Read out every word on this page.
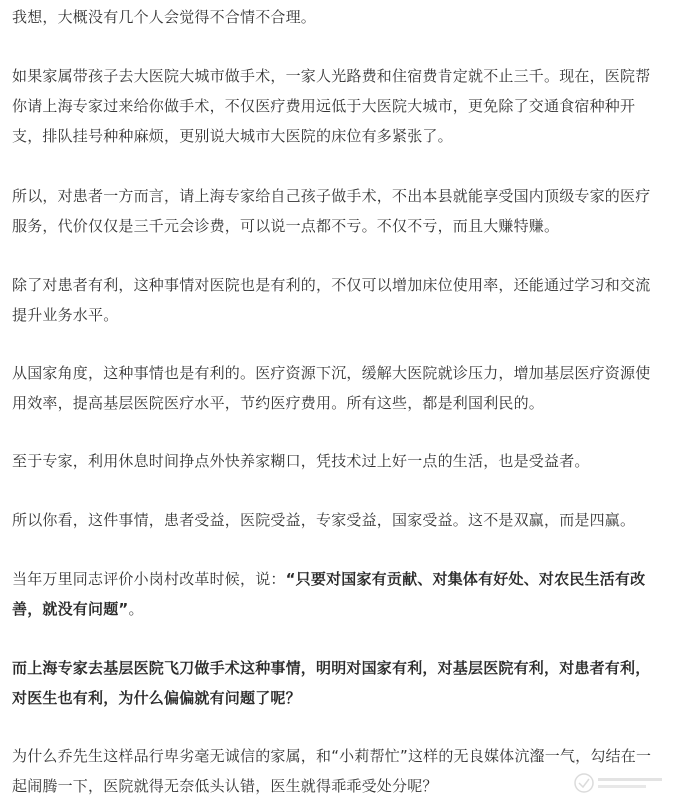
我想，大概没有几个人会觉得不合情不合理。

如果家属带孩子去大医院大城市做手术，一家人光路费和住宿费肯定就不止三千。现在，医院帮
你请上海专家过来给你做手术，不仅医疗费用远低于大医院大城市，更免除了交通食宿种种开
支，排队挂号种种麻烦，更别说大城市大医院的床位有多紧张了。

所以，对患者一方而言，请上海专家给自己孩子做手术，不出本县就能享受国内顶级专家的医疗
服务，代价仅仅是三千元会诊费，可以说一点都不亏。不仅不亏，而且大赚特赚。

除了对患者有利，这种事情对医院也是有利的，不仅可以增加床位使用率，还能通过学习和交流
提升业务水平。

从国家角度，这种事情也是有利的。医疗资源下沉，缓解大医院就诊压力，增加基层医疗资源使
用效率，提高基层医院医疗水平，节约医疗费用。所有这些，都是利国利民的。

至于专家，利用休息时间挣点外快养家糊口，凭技术过上好一点的生活，也是受益者。

所以你看，这件事情，患者受益，医院受益，专家受益，国家受益。这不是双赢，而是四赢。

当年万里同志评价小岗村改革时候，说：“只要对国家有贡献、对集体有好处、对农民生活有改
善，就没有问题”。

而上海专家去基层医院飞刀做手术这种事情，明明对国家有利，对基层医院有利，对患者有利，
对医生也有利，为什么偏偏就有问题了呢？

为什么乔先生这样品行卑劣毫无诚信的家属，和“小莉帮忙”这样的无良媒体沆瀣一气，勾结在一
起闹腾一下，医院就得无奈低头认错，医生就得乖乖受处分呢？
